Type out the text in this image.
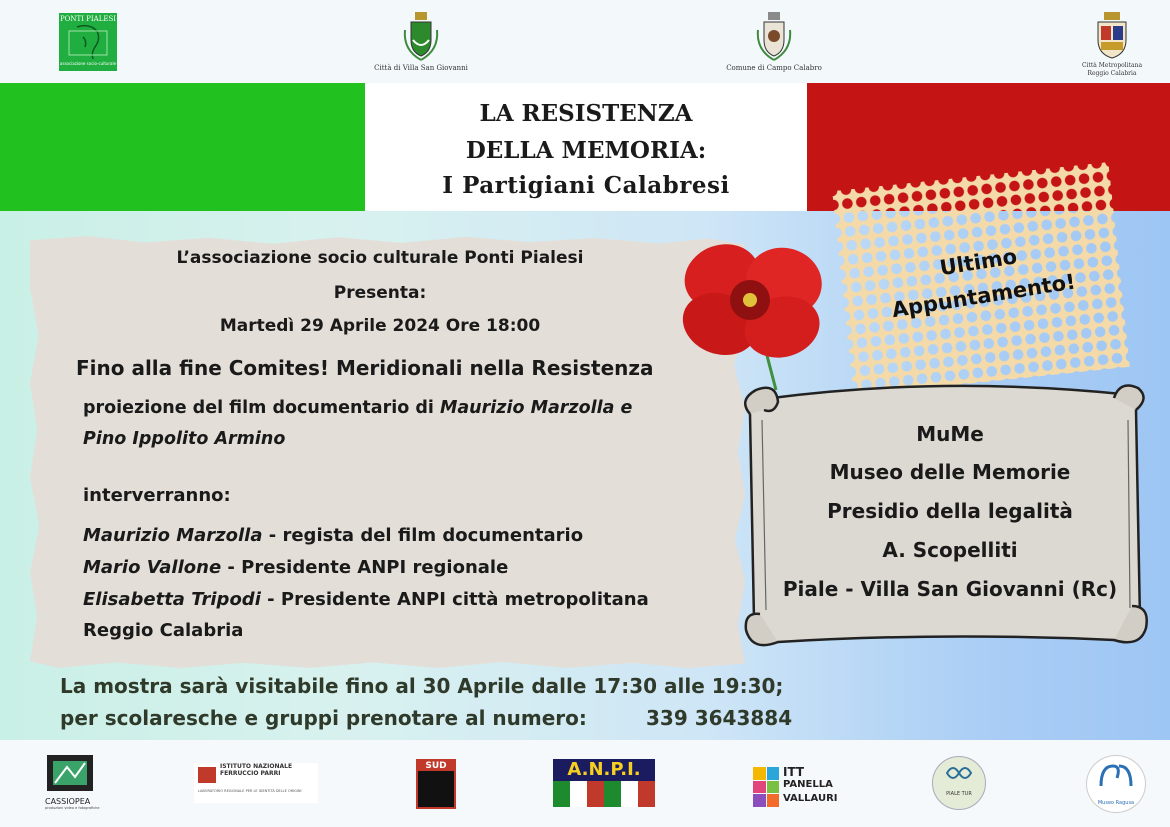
PONTI PIALESI
associazione socio-culturale
Città di Villa San Giovanni	Comune di Campo Calabro	Città Metropolitana
Reggio Calabria
LA RESISTENZA
DELLA MEMORIA:
I Partigiani Calabresi
L’associazione socio culturale Ponti Pialesi
Presenta:
Martedì 29 Aprile 2024 Ore 18:00
Fino alla fine Comites! Meridionali nella Resistenza
proiezione del film documentario di Maurizio Marzolla e
Pino Ippolito Armino
interverranno:
Maurizio Marzolla - regista del film documentario
Mario Vallone - Presidente ANPI regionale
Elisabetta Tripodi - Presidente ANPI città metropolitana
Reggio Calabria
Ultimo
Appuntamento!
MuMe
Museo delle Memorie
Presidio della legalità
A. Scopelliti
Piale - Villa San Giovanni (Rc)
La mostra sarà visitabile fino al 30 Aprile dalle 17:30 alle 19:30;
per scolaresche e gruppi prenotare al numero:	339 3643884
CASSIOPEA
produzioni video e fotografiche
ISTITUTO NAZIONALE
FERRUCCIO PARRI
LABORATORIO REGIONALE PER LE IDENTITÀ DELLE ORIGINI
SUD	A.N.P.I.	ITT
PANELLA
VALLAURI	PIALE TUR
Museo Ragusa
